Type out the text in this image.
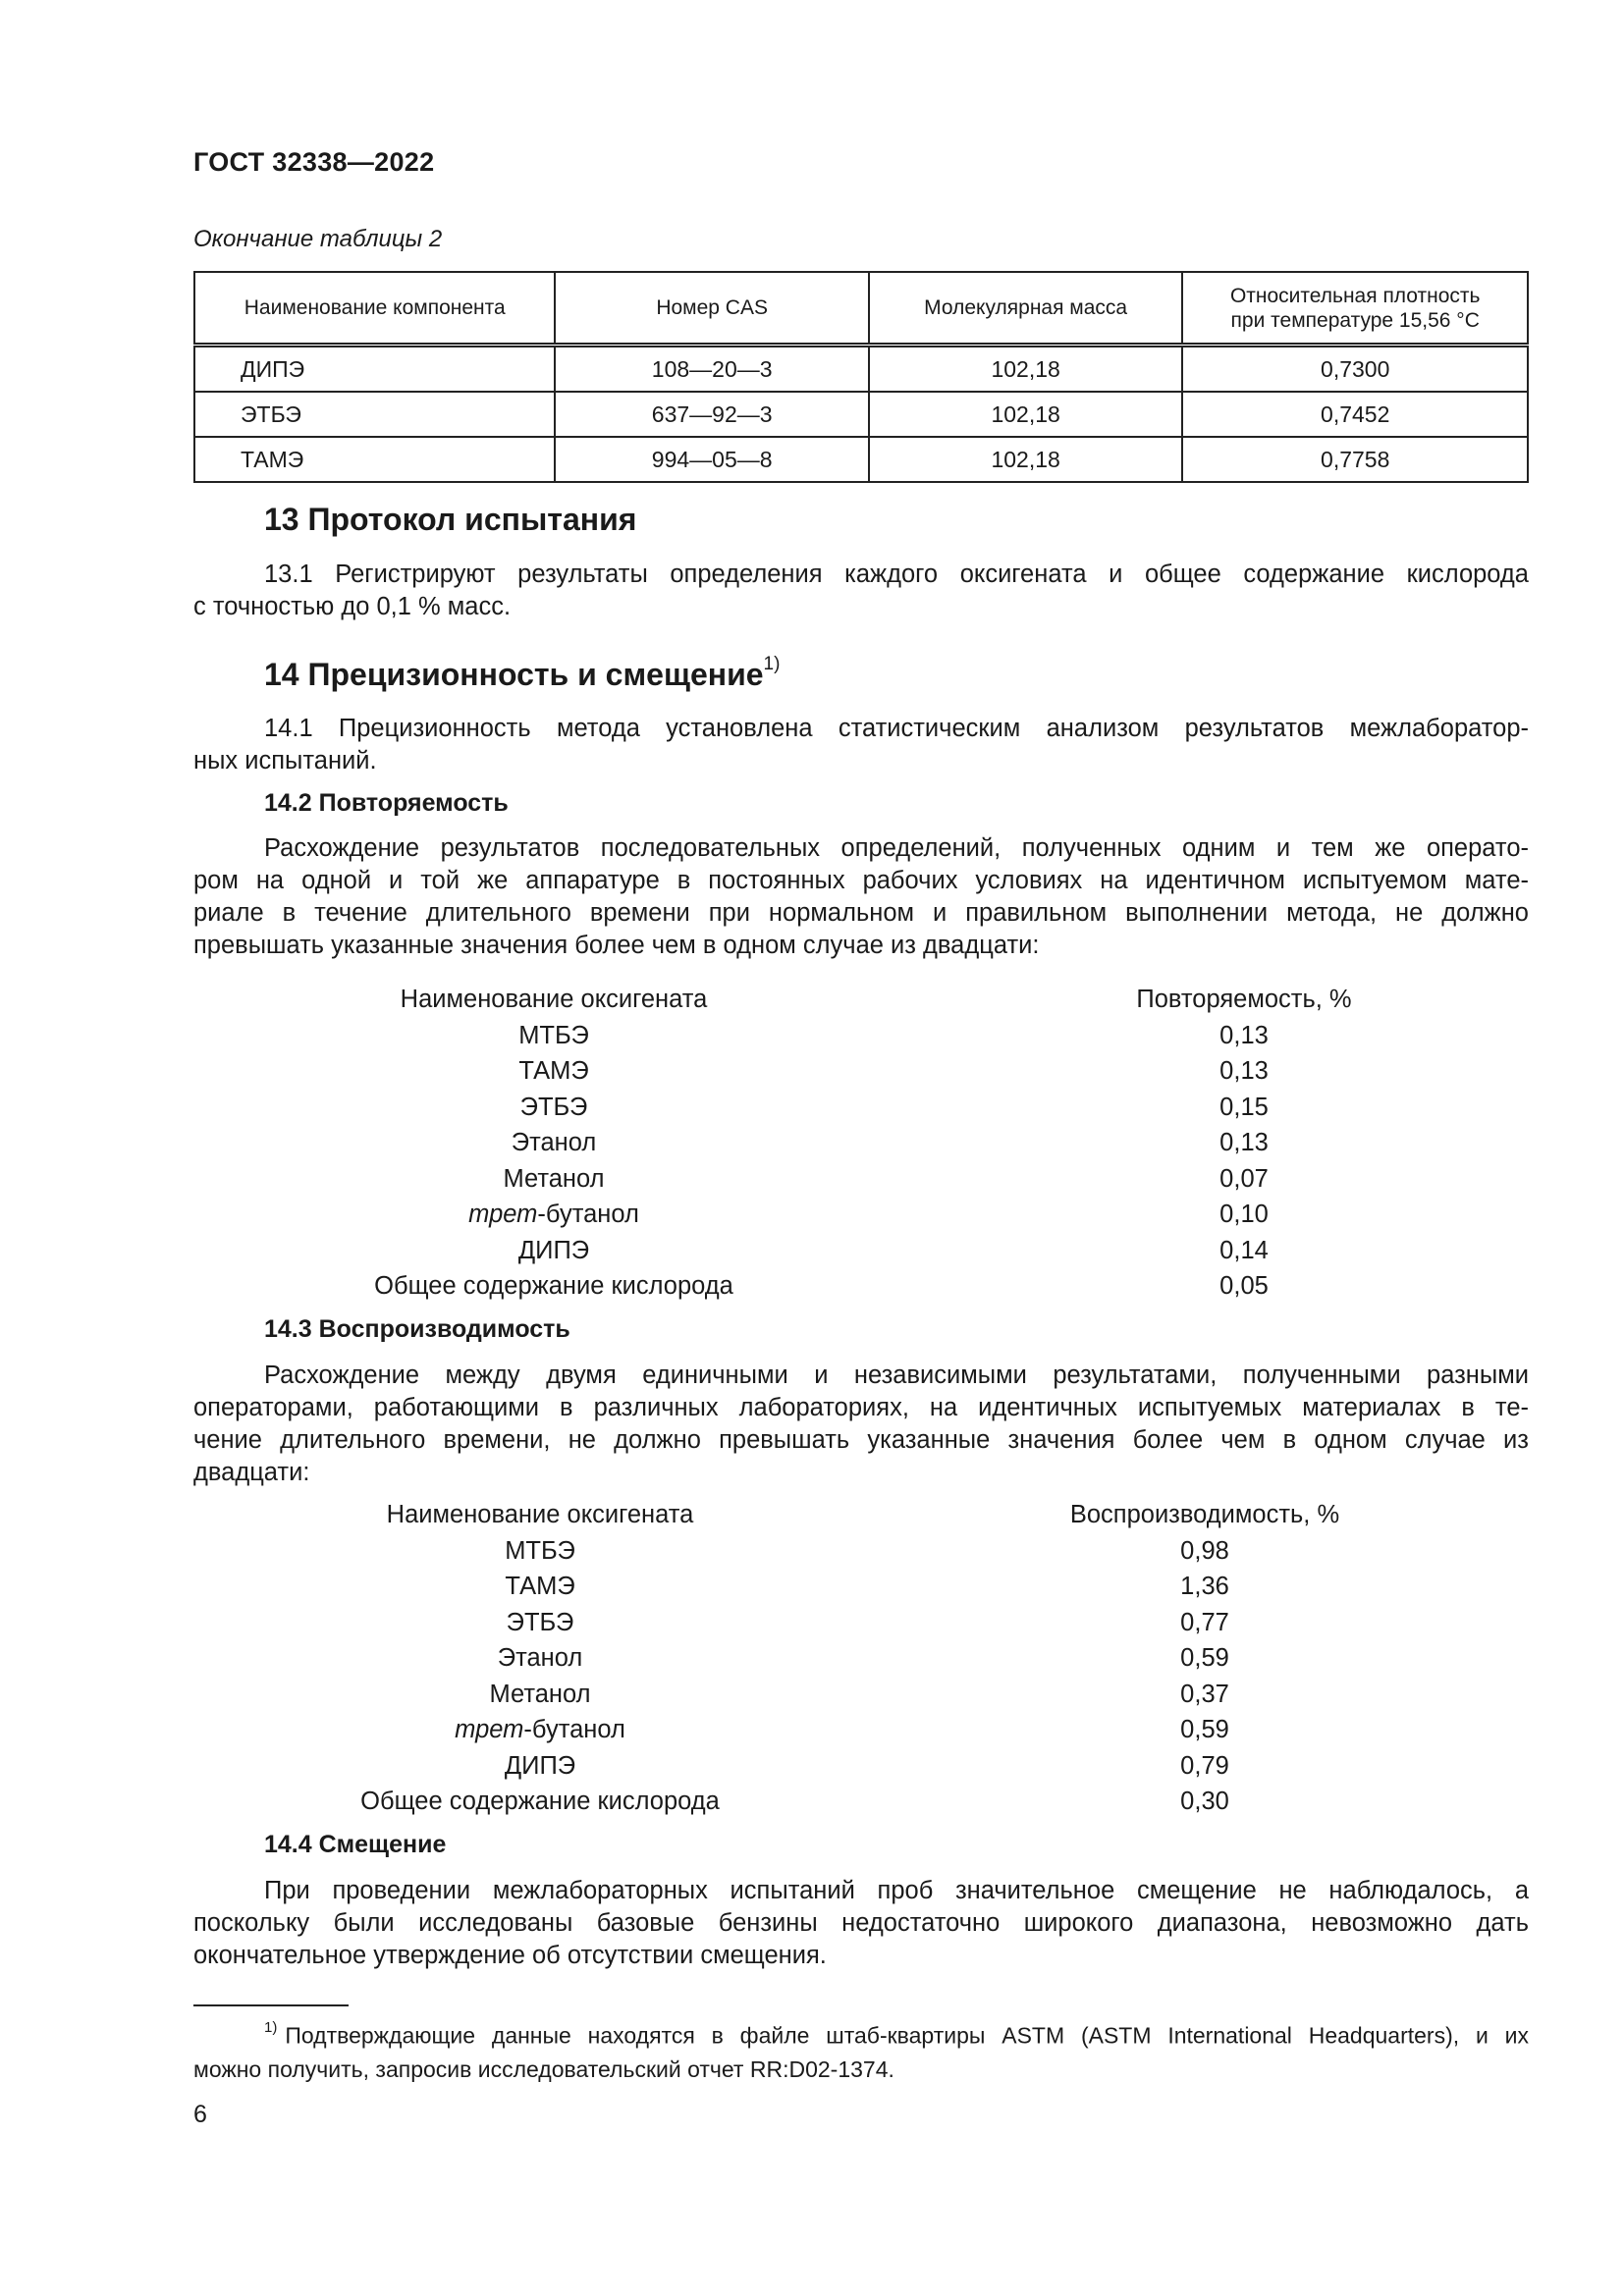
ГОСТ 32338—2022
Окончание таблицы 2
Наименование компонента	Номер CAS	Молекулярная масса	Относительная плотность
при температуре 15,56 °C
ДИПЭ	108—20—3	102,18	0,7300
ЭТБЭ	637—92—3	102,18	0,7452
ТАМЭ	994—05—8	102,18	0,7758
13 Протокол испытания
13.1 Регистрируют результаты определения каждого оксигената и общее содержание кислорода
с точностью до 0,1 % масс.
14 Прецизионность и смещение$^{1)}$
14.1 Прецизионность метода установлена статистическим анализом результатов межлаборатор-
ных испытаний.
14.2 Повторяемость
Расхождение результатов последовательных определений, полученных одним и тем же операто-
ром на одной и той же аппаратуре в постоянных рабочих условиях на идентичном испытуемом мате-
риале в течение длительного времени при нормальном и правильном выполнении метода, не должно
превышать указанные значения более чем в одном случае из двадцати:
Наименование оксигената	Повторяемость, %
МТБЭ	0,13
ТАМЭ	0,13
ЭТБЭ	0,15
Этанол	0,13
Метанол	0,07
трет-бутанол	0,10
ДИПЭ	0,14
Общее содержание кислорода	0,05
14.3 Воспроизводимость
Расхождение между двумя единичными и независимыми результатами, полученными разными
операторами, работающими в различных лабораториях, на идентичных испытуемых материалах в те-
чение длительного времени, не должно превышать указанные значения более чем в одном случае из
двадцати:
Наименование оксигената	Воспроизводимость, %
МТБЭ	0,98
ТАМЭ	1,36
ЭТБЭ	0,77
Этанол	0,59
Метанол	0,37
трет-бутанол	0,59
ДИПЭ	0,79
Общее содержание кислорода	0,30
14.4 Смещение
При проведении межлабораторных испытаний проб значительное смещение не наблюдалось, а
поскольку были исследованы базовые бензины недостаточно широкого диапазона, невозможно дать
окончательное утверждение об отсутствии смещения.
$^{1)}$ Подтверждающие данные находятся в файле штаб-квартиры ASTM (ASTM International Headquarters), и их
можно получить, запросив исследовательский отчет RR:D02-1374.
6
